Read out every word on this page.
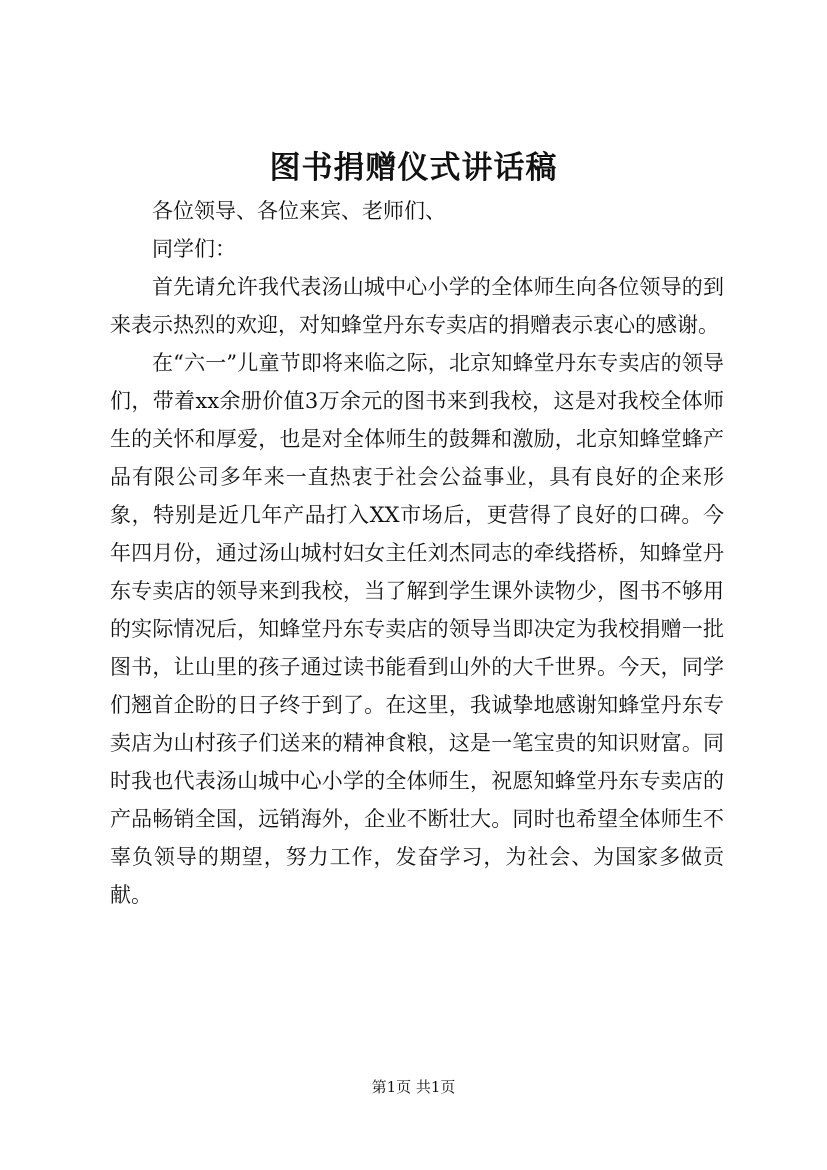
图书捐赠仪式讲话稿

各位领导、各位来宾、老师们、

同学们：

首先请允许我代表汤山城中心小学的全体师生向各位领导的到来表示热烈的欢迎，对知蜂堂丹东专卖店的捐赠表示衷心的感谢。

在“六一”儿童节即将来临之际，北京知蜂堂丹东专卖店的领导们，带着xx余册价值3万余元的图书来到我校，这是对我校全体师生的关怀和厚爱，也是对全体师生的鼓舞和激励，北京知蜂堂蜂产品有限公司多年来一直热衷于社会公益事业，具有良好的企来形象，特别是近几年产品打入XX市场后，更营得了良好的口碑。今年四月份，通过汤山城村妇女主任刘杰同志的牵线搭桥，知蜂堂丹东专卖店的领导来到我校，当了解到学生课外读物少，图书不够用的实际情况后，知蜂堂丹东专卖店的领导当即决定为我校捐赠一批图书，让山里的孩子通过读书能看到山外的大千世界。今天，同学们翘首企盼的日子终于到了。在这里，我诚挚地感谢知蜂堂丹东专卖店为山村孩子们送来的精神食粮，这是一笔宝贵的知识财富。同时我也代表汤山城中心小学的全体师生，祝愿知蜂堂丹东专卖店的产品畅销全国，远销海外，企业不断壮大。同时也希望全体师生不辜负领导的期望，努力工作，发奋学习，为社会、为国家多做贡献。

第1页 共1页
